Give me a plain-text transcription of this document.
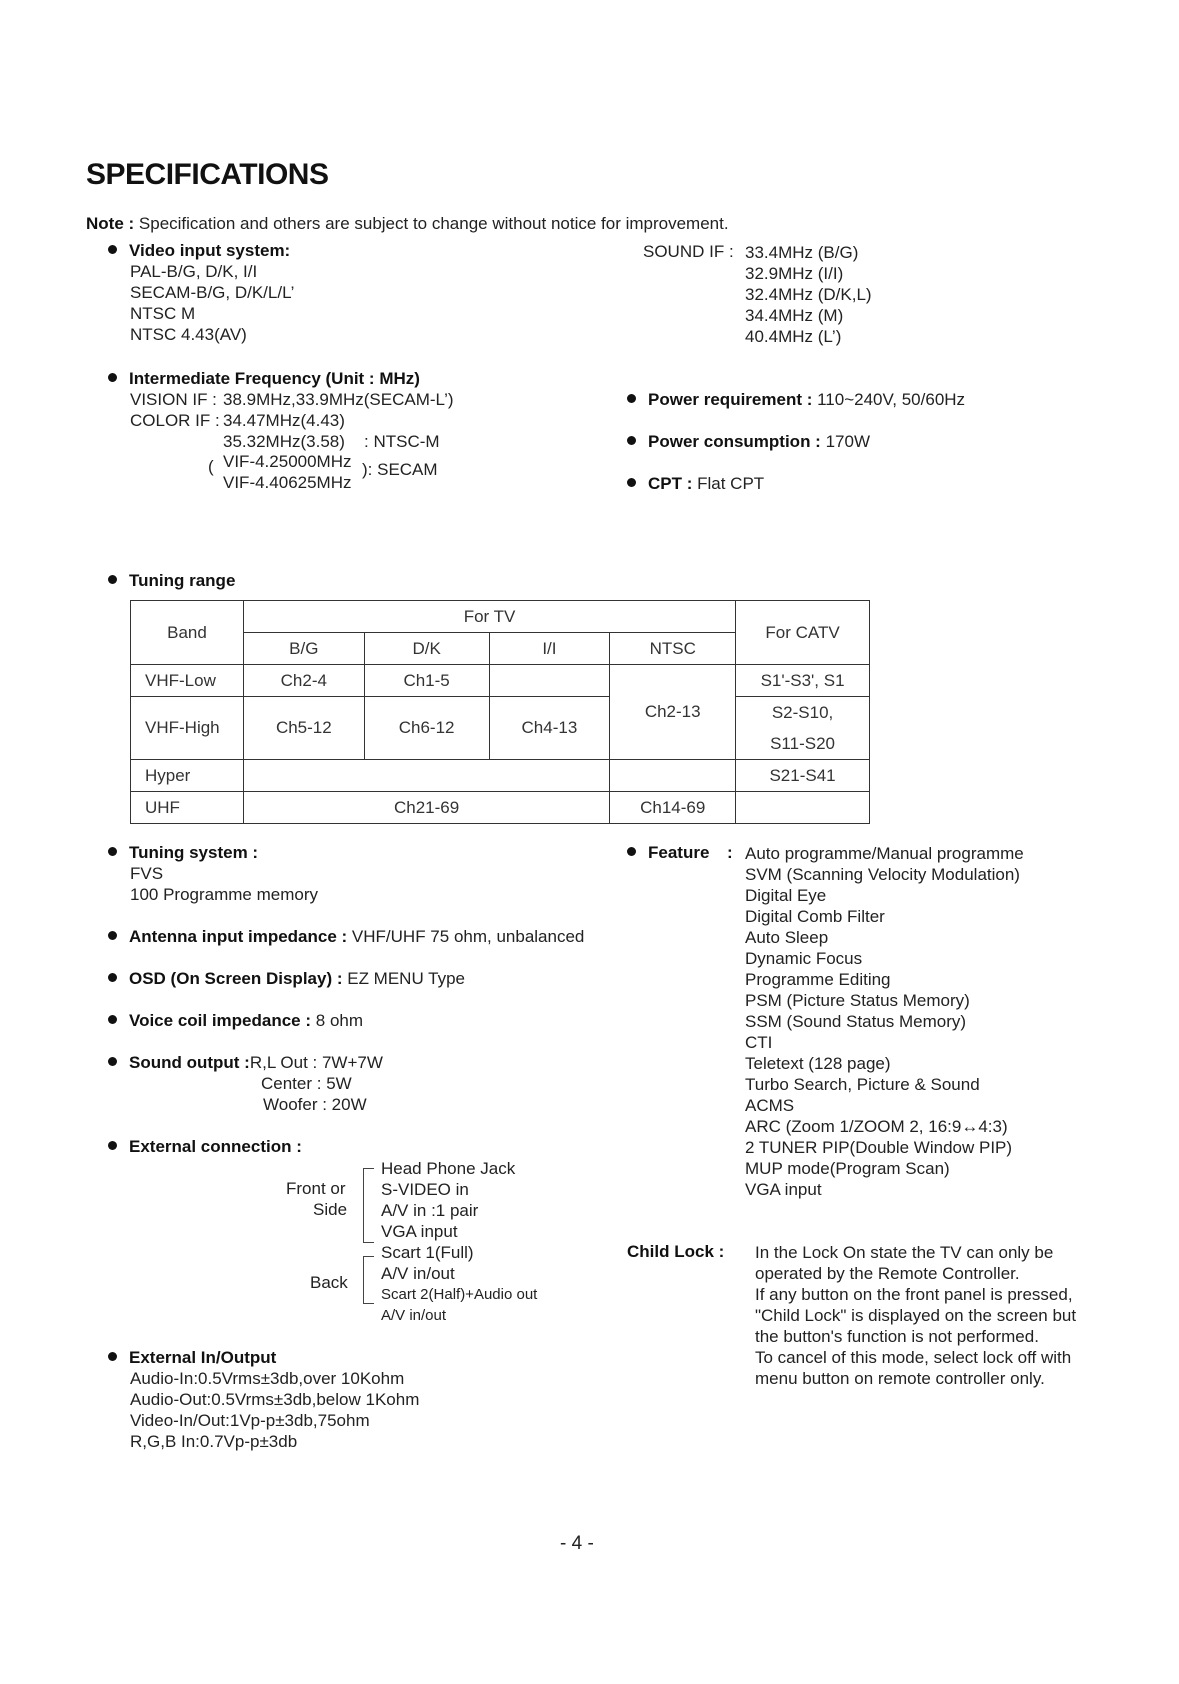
SPECIFICATIONS
Note : Specification and others are subject to change without notice for improvement.
Video input system:
PAL-B/G, D/K, I/I
SECAM-B/G, D/K/L/L’
NTSC M
NTSC 4.43(AV)
SOUND IF : 33.4MHz (B/G)
32.9MHz (I/I)
32.4MHz (D/K,L)
34.4MHz (M)
40.4MHz (L’)
Intermediate Frequency (Unit : MHz)
VISION IF : 38.9MHz,33.9MHz(SECAM-L’)
COLOR IF : 34.47MHz(4.43)
35.32MHz(3.58) : NTSC-M
( VIF-4.25000MHz
VIF-4.40625MHz
): SECAM
Power requirement : 110~240V, 50/60Hz
Power consumption : 170W
CPT : Flat CPT
Tuning range
Band	For TV				For CATV
	B/G	D/K	I/I	NTSC	
VHF-Low	Ch2-4	Ch1-5		Ch2-13	S1'-S3', S1
VHF-High	Ch5-12	Ch6-12	Ch4-13		S2-S10,
					S11-S20
Hyper					S21-S41
UHF	Ch21-69			Ch14-69	
Tuning system :
FVS
100 Programme memory
Antenna input impedance : VHF/UHF 75 ohm, unbalanced
OSD (On Screen Display) : EZ MENU Type
Voice coil impedance : 8 ohm
Sound output :R,L Out : 7W+7W
Center : 5W
Woofer : 20W
External connection :
Front or
Side
Head Phone Jack
S-VIDEO in
A/V in :1 pair
VGA input
Back
Scart 1(Full)
A/V in/out
Scart 2(Half)+Audio out
A/V in/out
External In/Output
Audio-In:0.5Vrms±3db,over 10Kohm
Audio-Out:0.5Vrms±3db,below 1Kohm
Video-In/Out:1Vp-p±3db,75ohm
R,G,B In:0.7Vp-p±3db
Feature : Auto programme/Manual programme
SVM (Scanning Velocity Modulation)
Digital Eye
Digital Comb Filter
Auto Sleep
Dynamic Focus
Programme Editing
PSM (Picture Status Memory)
SSM (Sound Status Memory)
CTI
Teletext (128 page)
Turbo Search, Picture & Sound
ACMS
ARC (Zoom 1/ZOOM 2, 16:9↔4:3)
2 TUNER PIP(Double Window PIP)
MUP mode(Program Scan)
VGA input
Child Lock : In the Lock On state the TV can only be
operated by the Remote Controller.
If any button on the front panel is pressed,
"Child Lock" is displayed on the screen but
the button's function is not performed.
To cancel of this mode, select lock off with
menu button on remote controller only.
- 4 -
